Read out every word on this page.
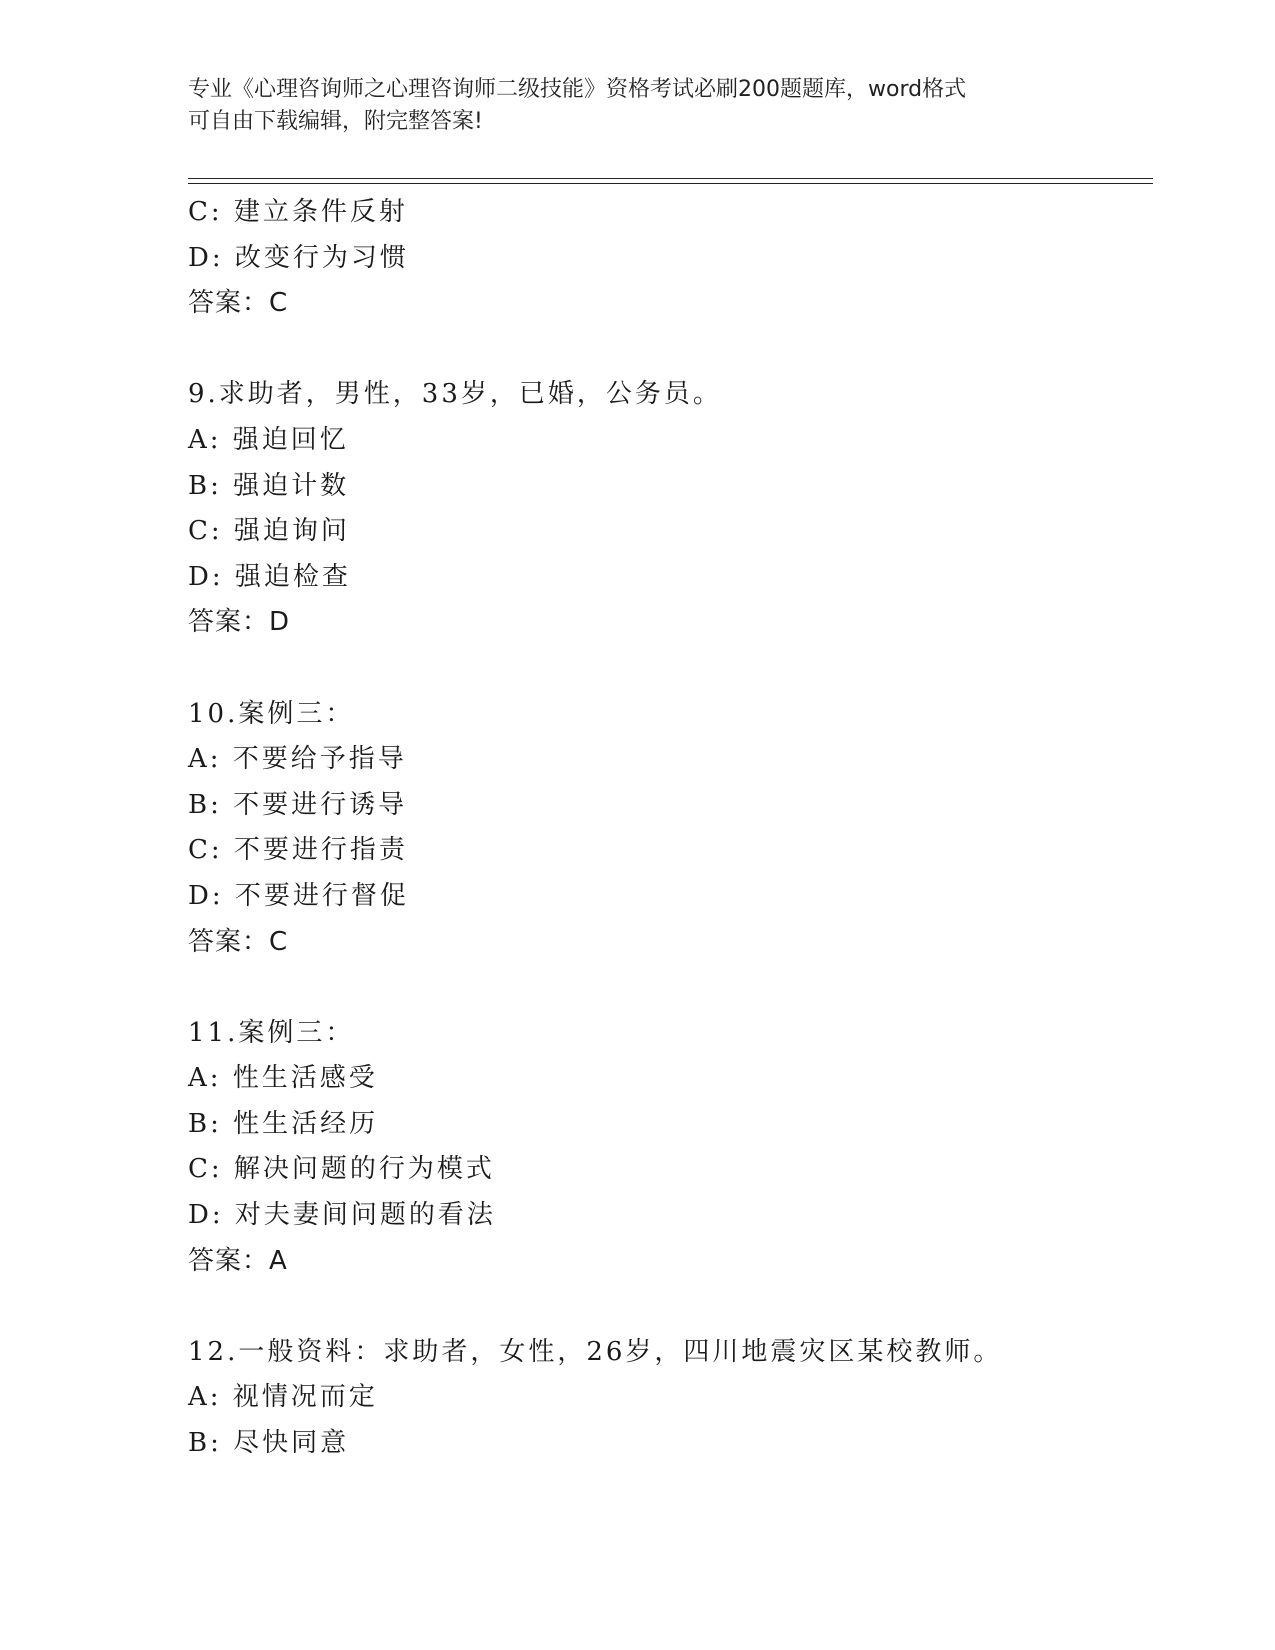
专业《心理咨询师之心理咨询师二级技能》资格考试必刷200题题库，word格式
可自由下载编辑，附完整答案!
C: 建立条件反射
D: 改变行为习惯
答案：C
9.求助者，男性，33岁，已婚，公务员。
A: 强迫回忆
B: 强迫计数
C: 强迫询问
D: 强迫检查
答案：D
10.案例三：
A: 不要给予指导
B: 不要进行诱导
C: 不要进行指责
D: 不要进行督促
答案：C
11.案例三：
A: 性生活感受
B: 性生活经历
C: 解决问题的行为模式
D: 对夫妻间问题的看法
答案：A
12.一般资料：求助者，女性，26岁，四川地震灾区某校教师。
A: 视情况而定
B: 尽快同意
